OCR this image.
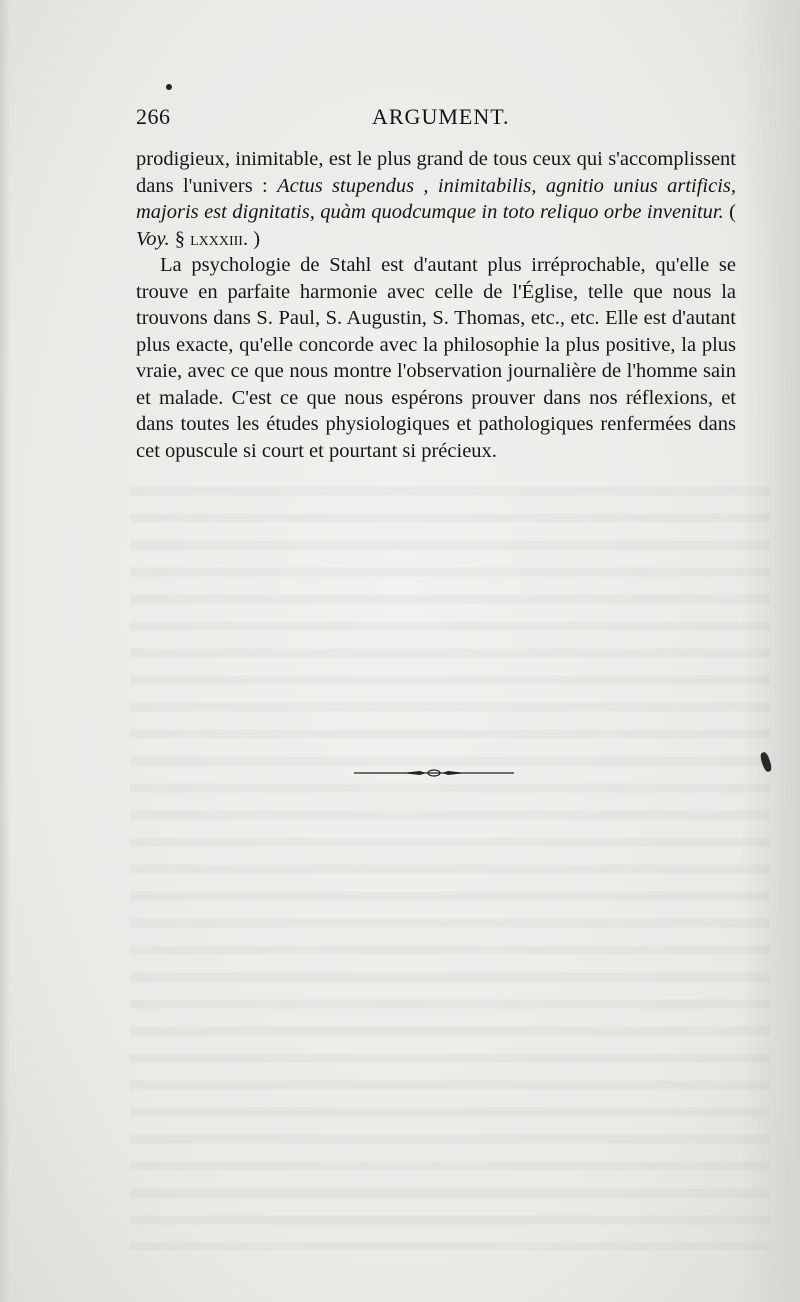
266	ARGUMENT.

prodigieux, inimitable, est le plus grand de tous ceux qui s'accomplissent dans l'univers : Actus stupendus , inimitabilis, agnitio unius artificis, majoris est dignitatis, quàm quodcumque in toto reliquo orbe invenitur. ( Voy. § lxxxiii. )

La psychologie de Stahl est d'autant plus irréprochable, qu'elle se trouve en parfaite harmonie avec celle de l'Église, telle que nous la trouvons dans S. Paul, S. Augustin, S. Thomas, etc., etc. Elle est d'autant plus exacte, qu'elle concorde avec la philosophie la plus positive, la plus vraie, avec ce que nous montre l'observation journalière de l'homme sain et malade. C'est ce que nous espérons prouver dans nos réflexions, et dans toutes les études physiologiques et pathologiques renfermées dans cet opuscule si court et pourtant si précieux.
